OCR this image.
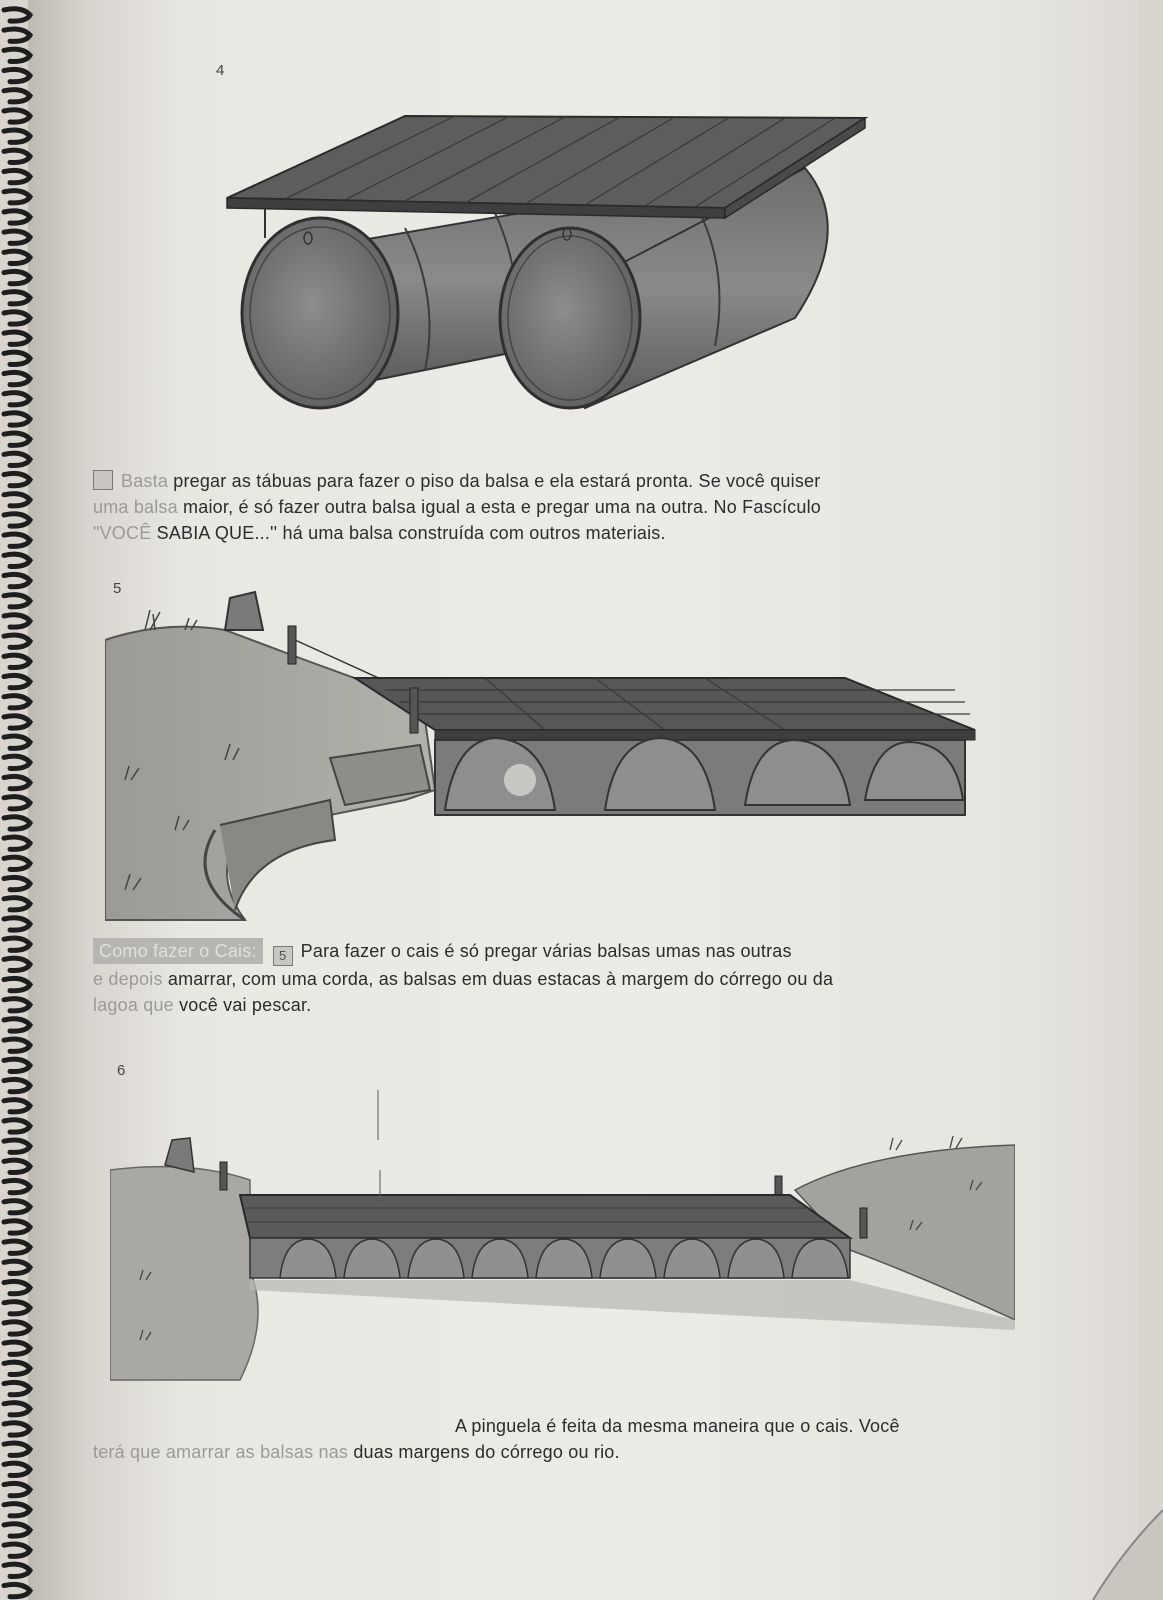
4
5
6
Basta pregar as tábuas para fazer o piso da balsa e ela estará pronta. Se você quiser
uma balsa maior, é só fazer outra balsa igual a esta e pregar uma na outra. No Fascículo
"VOCÊ SABIA QUE...'' há uma balsa construída com outros materiais.
Como fazer o Cais: 5 Para fazer o cais é só pregar várias balsas umas nas outras
e depois amarrar, com uma corda, as balsas em duas estacas à margem do córrego ou da
lagoa que você vai pescar.
A pinguela é feita da mesma maneira que o cais. Você
terá que amarrar as balsas nas duas margens do córrego ou rio.
